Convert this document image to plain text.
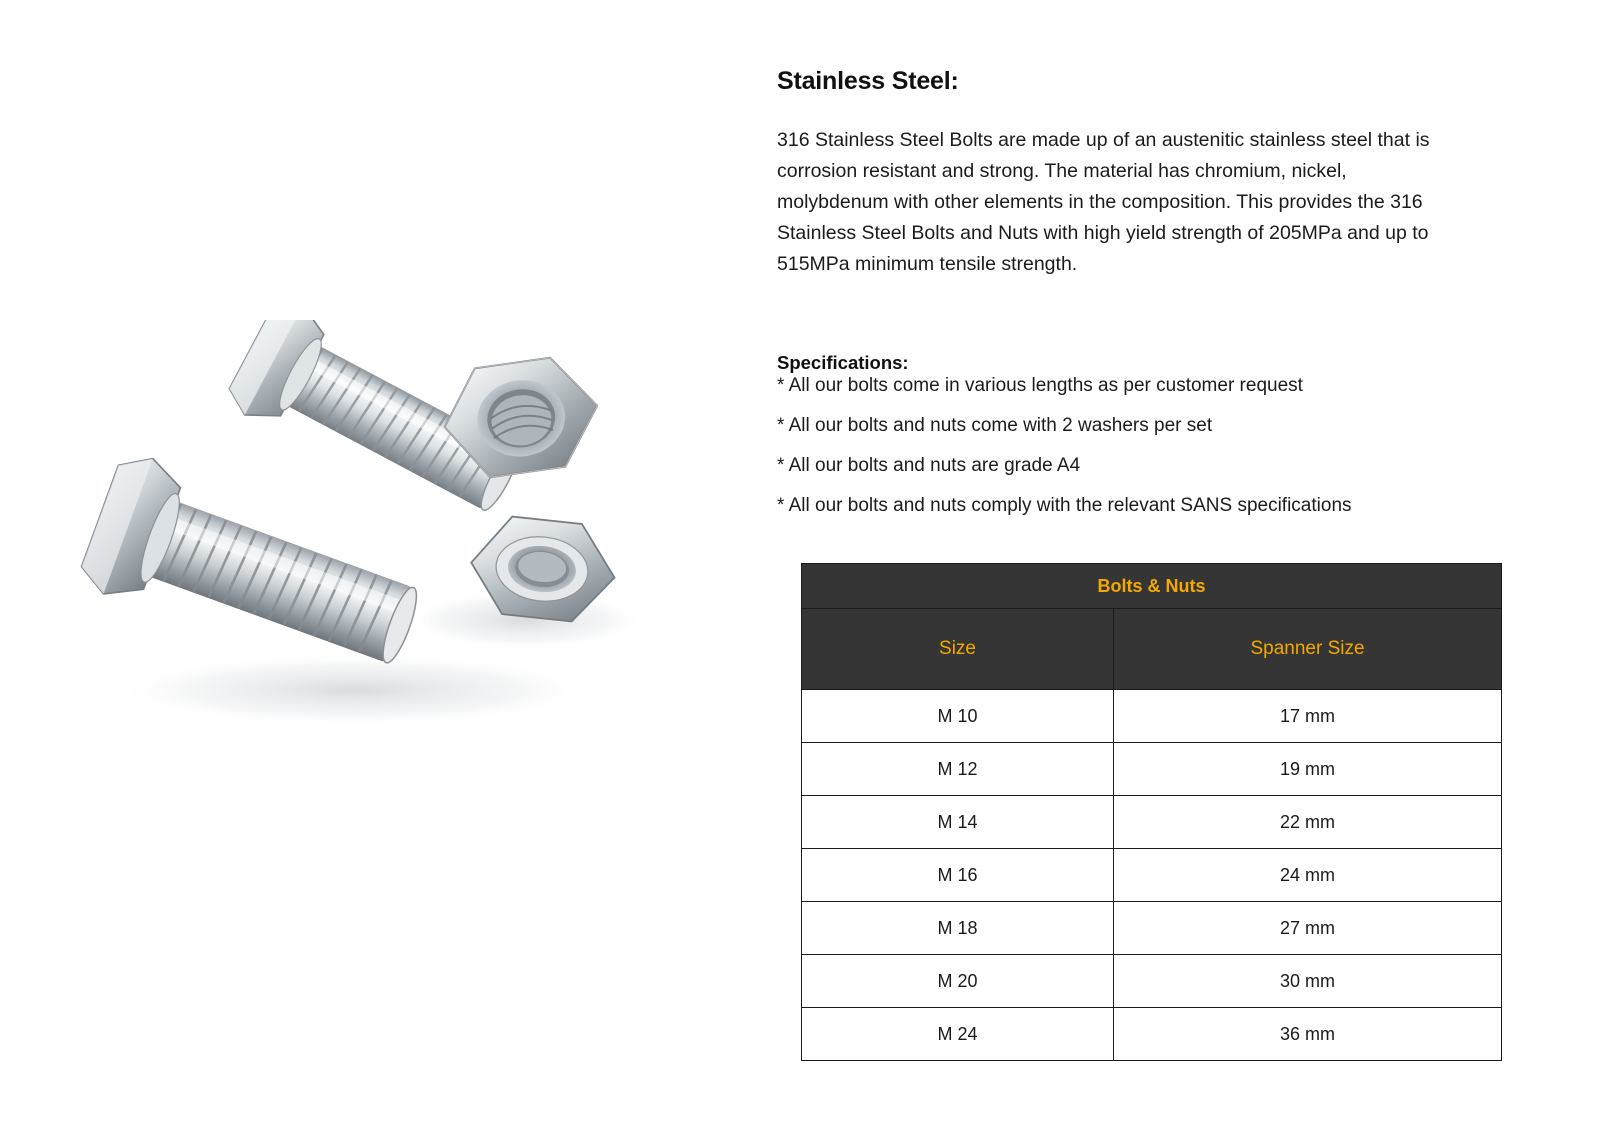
Stainless Steel:

316 Stainless Steel Bolts are made up of an austenitic stainless steel that is corrosion resistant and strong. The material has chromium, nickel, molybdenum with other elements in the composition. This provides the 316 Stainless Steel Bolts and Nuts with high yield strength of 205MPa and up to 515MPa minimum tensile strength.

Specifications:
* All our bolts come in various lengths as per customer request
* All our bolts and nuts come with 2 washers per set
* All our bolts and nuts are grade A4
* All our bolts and nuts comply with the relevant SANS specifications
Bolts & Nuts	
Size	Spanner Size
M 10	17 mm
M 12	19 mm
M 14	22 mm
M 16	24 mm
M 18	27 mm
M 20	30 mm
M 24	36 mm
